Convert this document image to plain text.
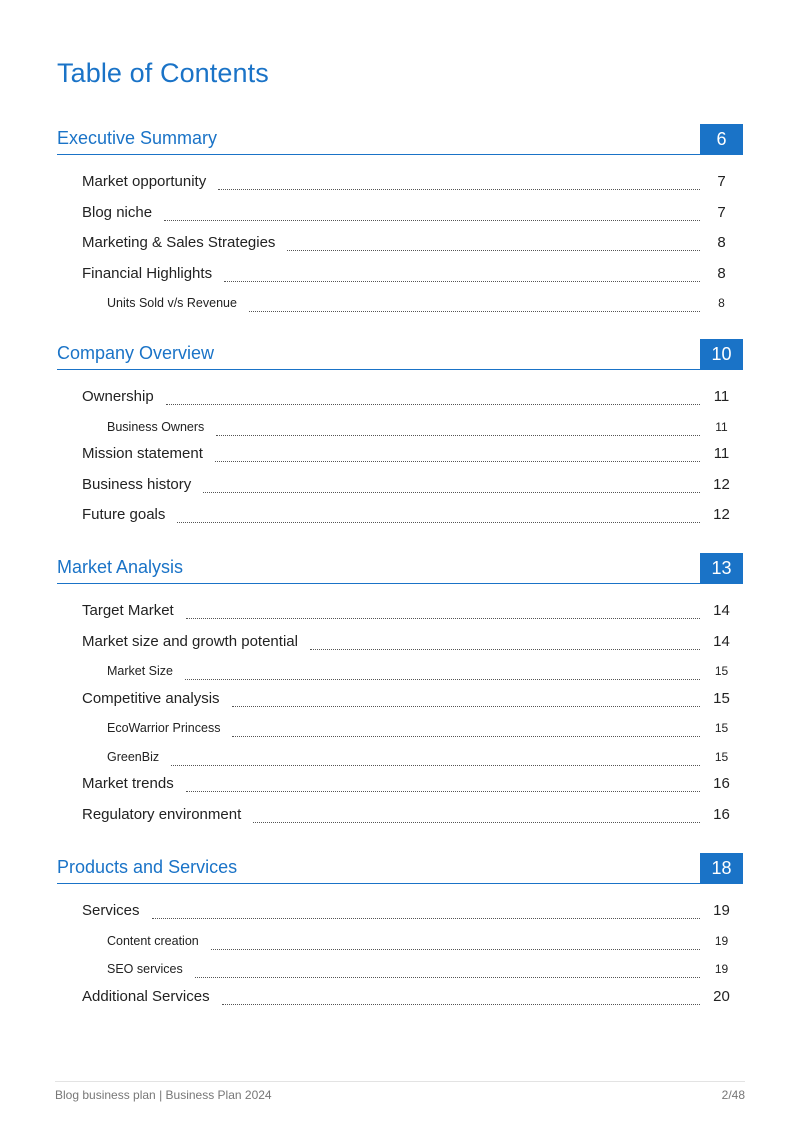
Table of Contents
Executive Summary	6
Market opportunity	7
Blog niche	7
Marketing & Sales Strategies	8
Financial Highlights	8
Units Sold v/s Revenue	8
Company Overview	10
Ownership	11
Business Owners	11
Mission statement	11
Business history	12
Future goals	12
Market Analysis	13
Target Market	14
Market size and growth potential	14
Market Size	15
Competitive analysis	15
EcoWarrior Princess	15
GreenBiz	15
Market trends	16
Regulatory environment	16
Products and Services	18
Services	19
Content creation	19
SEO services	19
Additional Services	20
Blog business plan | Business Plan 2024	2/48
